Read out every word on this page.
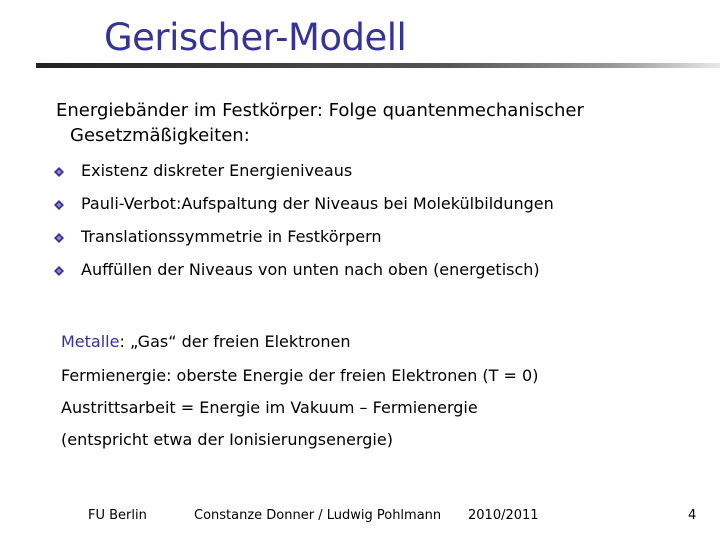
Gerischer-Modell
Energiebänder im Festkörper: Folge quantenmechanischer Gesetzmäßigkeiten:
Existenz diskreter Energieniveaus
Pauli-Verbot:Aufspaltung der Niveaus bei Molekülbildungen
Translationssymmetrie in Festkörpern
Auffüllen der Niveaus von unten nach oben (energetisch)
Metalle: „Gas“ der freien Elektronen
Fermienergie: oberste Energie der freien Elektronen (T = 0)
Austrittsarbeit = Energie im Vakuum – Fermienergie
(entspricht etwa der Ionisierungsenergie)
FU Berlin	Constanze Donner / Ludwig Pohlmann 2010/2011	4
